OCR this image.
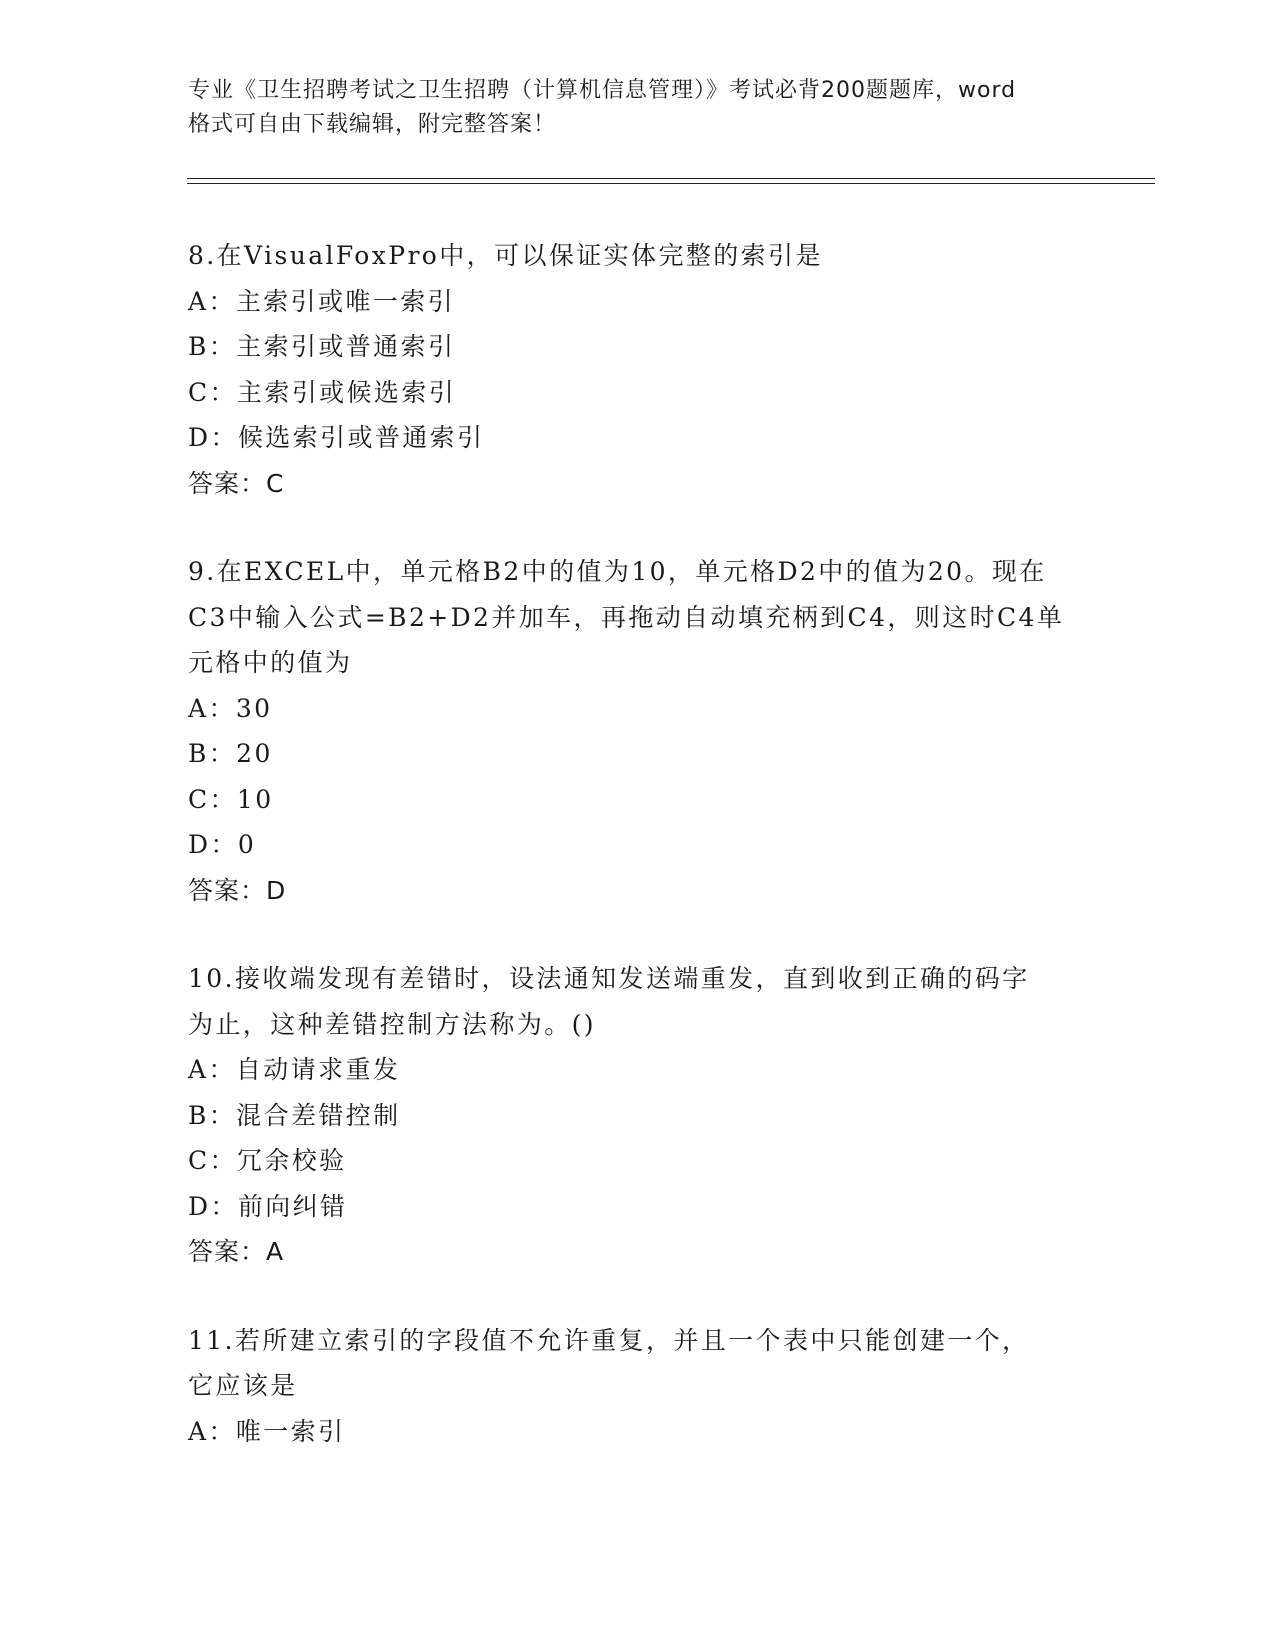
专业《卫生招聘考试之卫生招聘（计算机信息管理）》考试必背200题题库，word
格式可自由下载编辑，附完整答案！
8.在VisualFoxPro中，可以保证实体完整的索引是
A：主索引或唯一索引
B：主索引或普通索引
C：主索引或候选索引
D：候选索引或普通索引
答案：C
9.在EXCEL中，单元格B2中的值为10，单元格D2中的值为20。现在
C3中输入公式=B2+D2并加车，再拖动自动填充柄到C4，则这时C4单
元格中的值为
A：30
B：20
C：10
D：0
答案：D
10.接收端发现有差错时，设法通知发送端重发，直到收到正确的码字
为止，这种差错控制方法称为。()
A：自动请求重发
B：混合差错控制
C：冗余校验
D：前向纠错
答案：A
11.若所建立索引的字段值不允许重复，并且一个表中只能创建一个，
它应该是
A：唯一索引
